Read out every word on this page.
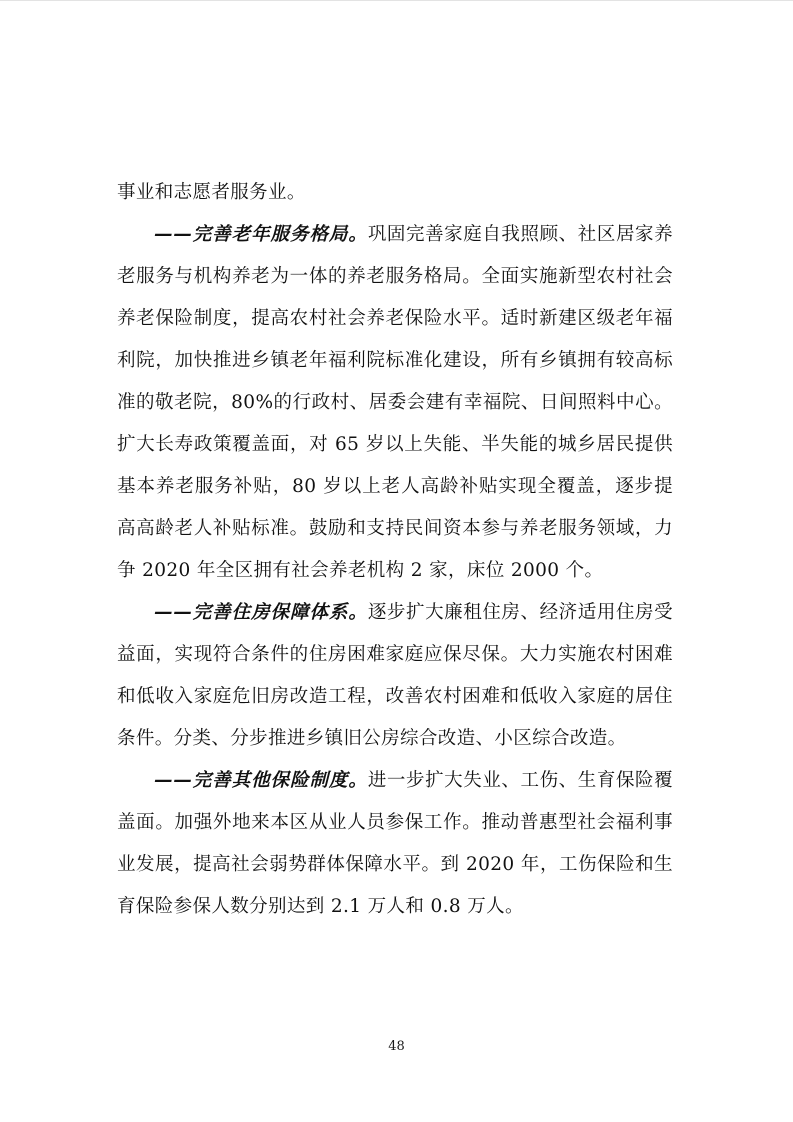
事业和志愿者服务业。

——完善老年服务格局。巩固完善家庭自我照顾、社区居家养老服务与机构养老为一体的养老服务格局。全面实施新型农村社会养老保险制度，提高农村社会养老保险水平。适时新建区级老年福利院，加快推进乡镇老年福利院标准化建设，所有乡镇拥有较高标准的敬老院，80%的行政村、居委会建有幸福院、日间照料中心。扩大长寿政策覆盖面，对 65 岁以上失能、半失能的城乡居民提供基本养老服务补贴，80 岁以上老人高龄补贴实现全覆盖，逐步提高高龄老人补贴标准。鼓励和支持民间资本参与养老服务领域，力争 2020 年全区拥有社会养老机构 2 家，床位 2000 个。

——完善住房保障体系。逐步扩大廉租住房、经济适用住房受益面，实现符合条件的住房困难家庭应保尽保。大力实施农村困难和低收入家庭危旧房改造工程，改善农村困难和低收入家庭的居住条件。分类、分步推进乡镇旧公房综合改造、小区综合改造。

——完善其他保险制度。进一步扩大失业、工伤、生育保险覆盖面。加强外地来本区从业人员参保工作。推动普惠型社会福利事业发展，提高社会弱势群体保障水平。到 2020 年，工伤保险和生育保险参保人数分别达到 2.1 万人和 0.8 万人。

48
